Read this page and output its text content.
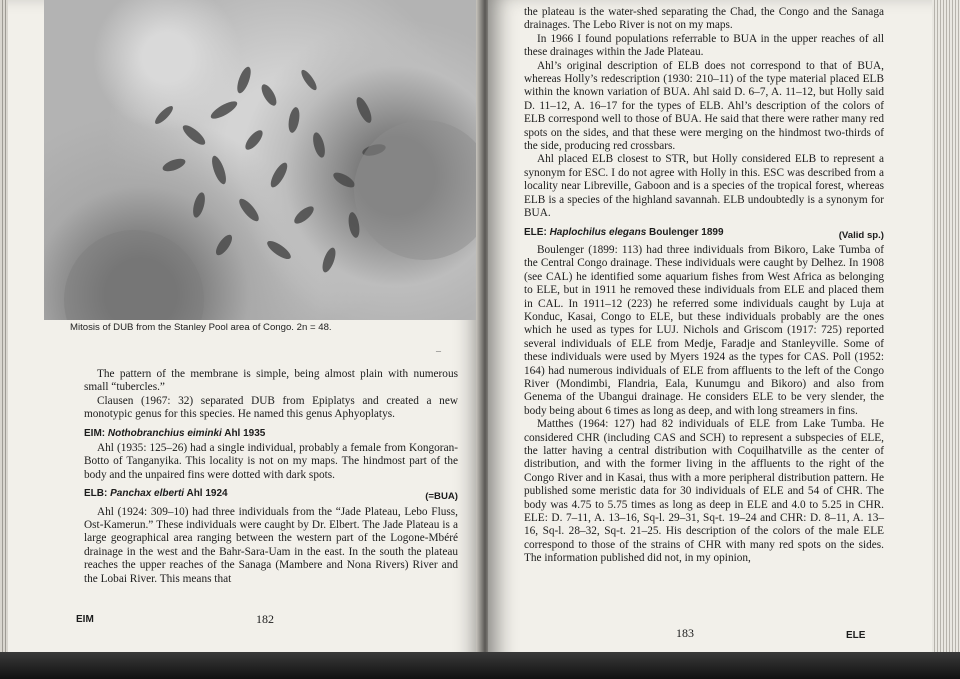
Mitosis of DUB from the Stanley Pool area of Congo. 2n = 48.
–

The pattern of the membrane is simple, being almost plain with numerous small “tubercles.”

Clausen (1967: 32) separated DUB from Epiplatys and created a new monotypic genus for this species. He named this genus Aphyoplatys.

EIM: Nothobranchius eiminki Ahl 1935

Ahl (1935: 125–26) had a single individual, probably a female from Kongoran-Botto of Tanganyika. This locality is not on my maps. The hindmost part of the body and the unpaired fins were dotted with dark spots.

ELB: Panchax elberti Ahl 1924	(=BUA)

Ahl (1924: 309–10) had three individuals from the “Jade Plateau, Lebo Fluss, Ost-Kamerun.” These individuals were caught by Dr. Elbert. The Jade Plateau is a large geographical area ranging between the western part of the Logone-Mbéré drainage in the west and the Bahr-Sara-Uam in the east. In the south the plateau reaches the upper reaches of the Sanaga (Mambere and Nona Rivers) River and the Lobai River. This means that

EIM	182

the plateau is the water-shed separating the Chad, the Congo and the Sanaga drainages. The Lebo River is not on my maps.

In 1966 I found populations referrable to BUA in the upper reaches of all these drainages within the Jade Plateau.

Ahl’s original description of ELB does not correspond to that of BUA, whereas Holly’s redescription (1930: 210–11) of the type material placed ELB within the known variation of BUA. Ahl said D. 6–7, A. 11–12, but Holly said D. 11–12, A. 16–17 for the types of ELB. Ahl’s description of the colors of ELB correspond well to those of BUA. He said that there were rather many red spots on the sides, and that these were merging on the hindmost two-thirds of the side, producing red crossbars.

Ahl placed ELB closest to STR, but Holly considered ELB to represent a synonym for ESC. I do not agree with Holly in this. ESC was described from a locality near Libreville, Gaboon and is a species of the tropical forest, whereas ELB is a species of the highland savannah. ELB undoubtedly is a synonym for BUA.

ELE: Haplochilus elegans Boulenger 1899	(Valid sp.)

Boulenger (1899: 113) had three individuals from Bikoro, Lake Tumba of the Central Congo drainage. These individuals were caught by Delhez. In 1908 (see CAL) he identified some aquarium fishes from West Africa as belonging to ELE, but in 1911 he removed these individuals from ELE and placed them in CAL. In 1911–12 (223) he referred some individuals caught by Luja at Konduc, Kasai, Congo to ELE, but these individuals probably are the ones which he used as types for LUJ. Nichols and Griscom (1917: 725) reported several individuals of ELE from Medje, Faradje and Stanleyville. Some of these individuals were used by Myers 1924 as the types for CAS. Poll (1952: 164) had numerous individuals of ELE from affluents to the left of the Congo River (Mondimbi, Flandria, Eala, Kunumgu and Bikoro) and also from Genema of the Ubangui drainage. He considers ELE to be very slender, the body being about 6 times as long as deep, and with long streamers in fins.

Matthes (1964: 127) had 82 individuals of ELE from Lake Tumba. He considered CHR (including CAS and SCH) to represent a subspecies of ELE, the latter having a central distribution with Coquilhatville as the center of distribution, and with the former living in the affluents to the right of the Congo River and in Kasai, thus with a more peripheral distribution pattern. He published some meristic data for 30 individuals of ELE and 54 of CHR. The body was 4.75 to 5.75 times as long as deep in ELE and 4.0 to 5.25 in CHR. ELE: D. 7–11, A. 13–16, Sq-l. 29–31, Sq-t. 19–24 and CHR: D. 8–11, A. 13–16, Sq-l. 28–32, Sq-t. 21–25. His description of the colors of the male ELE correspond to those of the strains of CHR with many red spots on the sides. The information published did not, in my opinion,

183	ELE
